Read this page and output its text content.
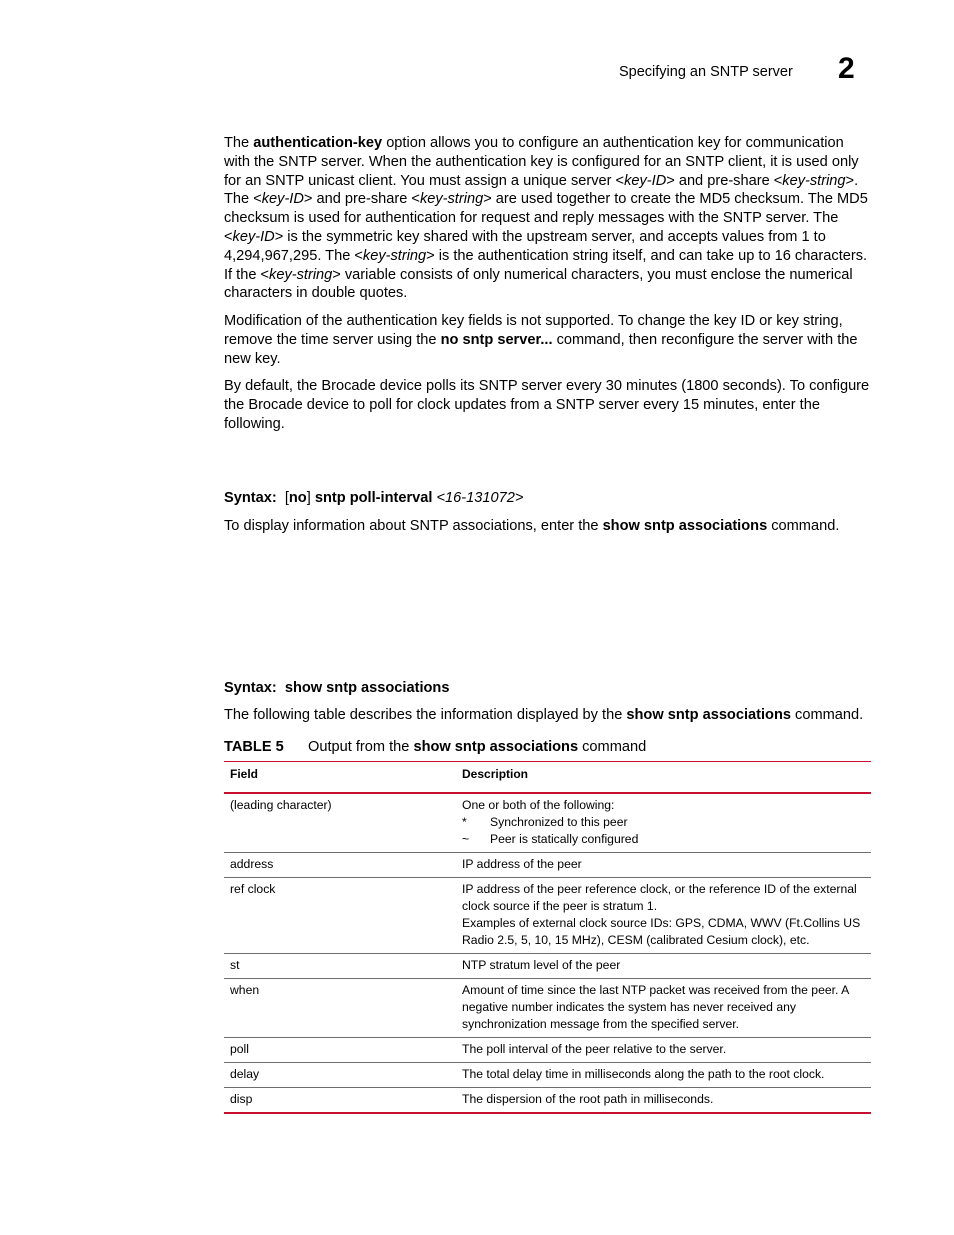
Specifying an SNTP server 2

The authentication-key option allows you to configure an authentication key for communication with the SNTP server. When the authentication key is configured for an SNTP client, it is used only for an SNTP unicast client. You must assign a unique server <key-ID> and pre-share <key-string>. The <key-ID> and pre-share <key-string> are used together to create the MD5 checksum. The MD5 checksum is used for authentication for request and reply messages with the SNTP server. The <key-ID> is the symmetric key shared with the upstream server, and accepts values from 1 to 4,294,967,295. The <key-string> is the authentication string itself, and can take up to 16 characters. If the <key-string> variable consists of only numerical characters, you must enclose the numerical characters in double quotes.

Modification of the authentication key fields is not supported. To change the key ID or key string, remove the time server using the no sntp server... command, then reconfigure the server with the new key.

By default, the Brocade device polls its SNTP server every 30 minutes (1800 seconds). To configure the Brocade device to poll for clock updates from a SNTP server every 15 minutes, enter the following.

Syntax: [no] sntp poll-interval <16-131072>

To display information about SNTP associations, enter the show sntp associations command.

Syntax: show sntp associations

The following table describes the information displayed by the show sntp associations command.

TABLE 5 Output from the show sntp associations command
Field	Description
(leading character)	One or both of the following:
* Synchronized to this peer
~ Peer is statically configured

address	IP address of the peer
ref clock	IP address of the peer reference clock, or the reference ID of the external clock source if the peer is stratum 1.
Examples of external clock source IDs: GPS, CDMA, WWV (Ft.Collins US Radio 2.5, 5, 10, 15 MHz), CESM (calibrated Cesium clock), etc.

st	NTP stratum level of the peer
when	Amount of time since the last NTP packet was received from the peer. A negative number indicates the system has never received any synchronization message from the specified server.
poll	The poll interval of the peer relative to the server.
delay	The total delay time in milliseconds along the path to the root clock.
disp	The dispersion of the root path in milliseconds.
